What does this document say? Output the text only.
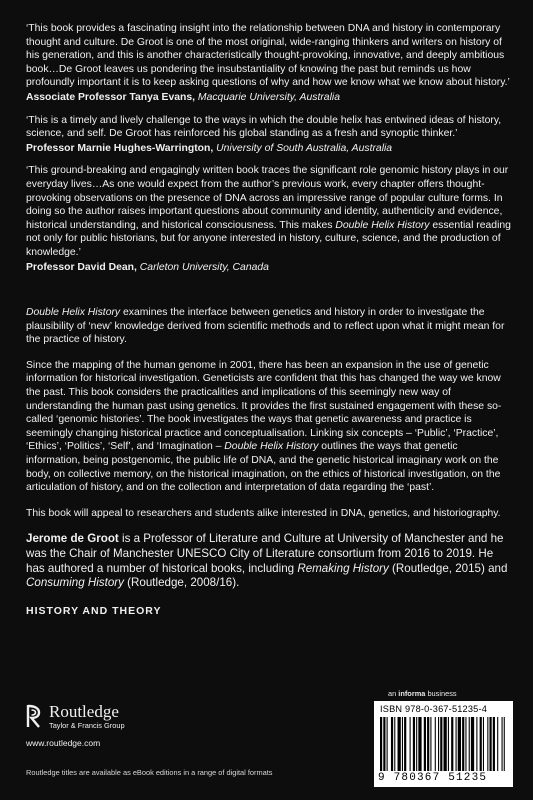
‘This book provides a fascinating insight into the relationship between DNA and history in contemporary thought and culture. De Groot is one of the most original, wide-ranging thinkers and writers on history of his generation, and this is another characteristically thought-provoking, innovative, and deeply ambitious book…De Groot leaves us pondering the insubstantiality of knowing the past but reminds us how profoundly important it is to keep asking questions of why and how we know what we know about history.’

Associate Professor Tanya Evans, Macquarie University, Australia

‘This is a timely and lively challenge to the ways in which the double helix has entwined ideas of history, science, and self. De Groot has reinforced his global standing as a fresh and synoptic thinker.’

Professor Marnie Hughes-Warrington, University of South Australia, Australia

‘This ground-breaking and engagingly written book traces the significant role genomic history plays in our everyday lives…As one would expect from the author’s previous work, every chapter offers thought-provoking observations on the presence of DNA across an impressive range of popular culture forms. In doing so the author raises important questions about community and identity, authenticity and evidence, historical understanding, and historical consciousness. This makes Double Helix History essential reading not only for public historians, but for anyone interested in history, culture, science, and the production of knowledge.’

Professor David Dean, Carleton University, Canada

Double Helix History examines the interface between genetics and history in order to investigate the plausibility of ‘new’ knowledge derived from scientific methods and to reflect upon what it might mean for the practice of history.

Since the mapping of the human genome in 2001, there has been an expansion in the use of genetic information for historical investigation. Geneticists are confident that this has changed the way we know the past. This book considers the practicalities and implications of this seemingly new way of understanding the human past using genetics. It provides the first sustained engagement with these so-called ‘genomic histories’. The book investigates the ways that genetic awareness and practice is seemingly changing historical practice and conceptualisation. Linking six concepts – ‘Public’, ‘Practice’, ‘Ethics’, ‘Politics’, ‘Self’, and ‘Imagination – Double Helix History outlines the ways that genetic information, being postgenomic, the public life of DNA, and the genetic historical imaginary work on the body, on collective memory, on the historical imagination, on the ethics of historical investigation, on the articulation of history, and on the collection and interpretation of data regarding the ‘past’.

This book will appeal to researchers and students alike interested in DNA, genetics, and historiography.

Jerome de Groot is a Professor of Literature and Culture at University of Manchester and he was the Chair of Manchester UNESCO City of Literature consortium from 2016 to 2019. He has authored a number of historical books, including Remaking History (Routledge, 2015) and Consuming History (Routledge, 2008/16).

HISTORY AND THEORY

Routledge
Taylor & Francis Group
www.routledge.com
an informa business
ISBN 978-0-367-51235-4
9 780367 51235
Routledge titles are available as eBook editions in a range of digital formats
